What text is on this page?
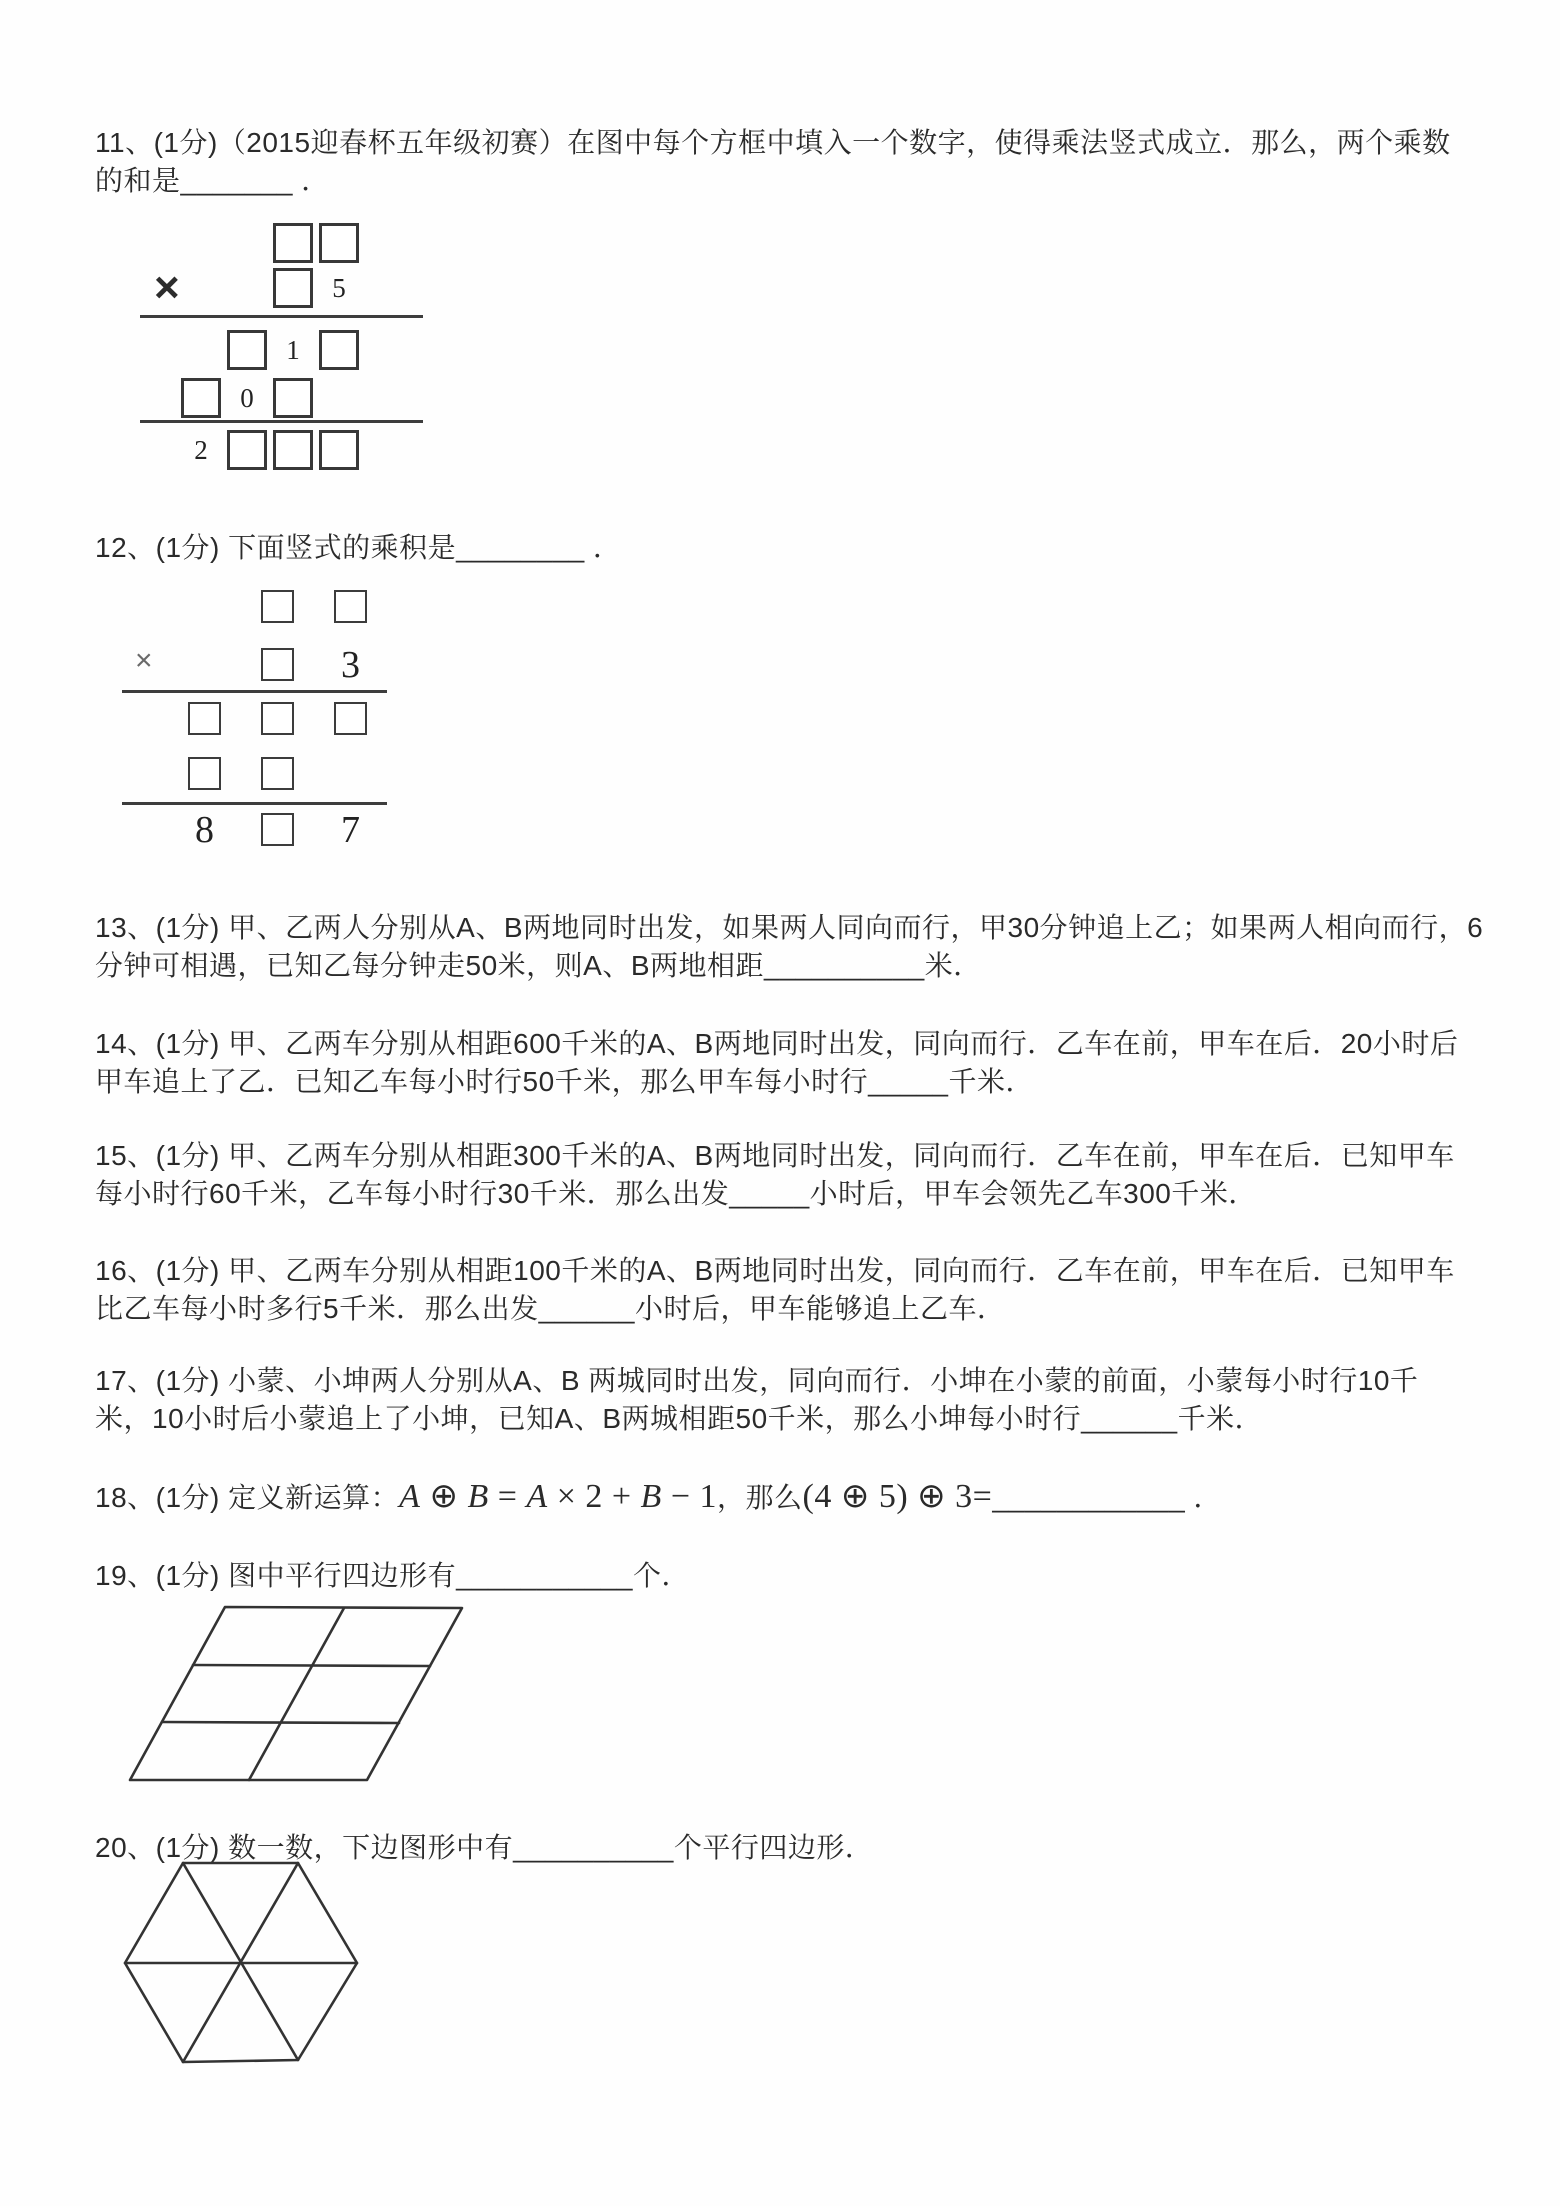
11、(1分)（2015迎春杯五年级初赛）在图中每个方框中填入一个数字，使得乘法竖式成立．那么，两个乘数
的和是_______ ．
5
1
0
2
×
12、(1分) 下面竖式的乘积是________ ．
3
8	7
×
13、(1分) 甲、乙两人分别从A、B两地同时出发，如果两人同向而行，甲30分钟追上乙；如果两人相向而行，6
分钟可相遇，已知乙每分钟走50米，则A、B两地相距__________米．
14、(1分) 甲、乙两车分别从相距600千米的A、B两地同时出发，同向而行．乙车在前，甲车在后．20小时后
甲车追上了乙．已知乙车每小时行50千米，那么甲车每小时行_____千米．
15、(1分) 甲、乙两车分别从相距300千米的A、B两地同时出发，同向而行．乙车在前，甲车在后．已知甲车
每小时行60千米，乙车每小时行30千米．那么出发_____小时后，甲车会领先乙车300千米．
16、(1分) 甲、乙两车分别从相距100千米的A、B两地同时出发，同向而行．乙车在前，甲车在后．已知甲车
比乙车每小时多行5千米．那么出发______小时后，甲车能够追上乙车．
17、(1分) 小蒙、小坤两人分别从A、B 两城同时出发，同向而行．小坤在小蒙的前面，小蒙每小时行10千
米，10小时后小蒙追上了小坤，已知A、B两城相距50千米，那么小坤每小时行______千米．
18、(1分) 定义新运算：A ⊕ B = A × 2 + B − 1，那么(4 ⊕ 5) ⊕ 3=____________ ．
19、(1分) 图中平行四边形有___________个．
20、(1分) 数一数，下边图形中有__________个平行四边形．
